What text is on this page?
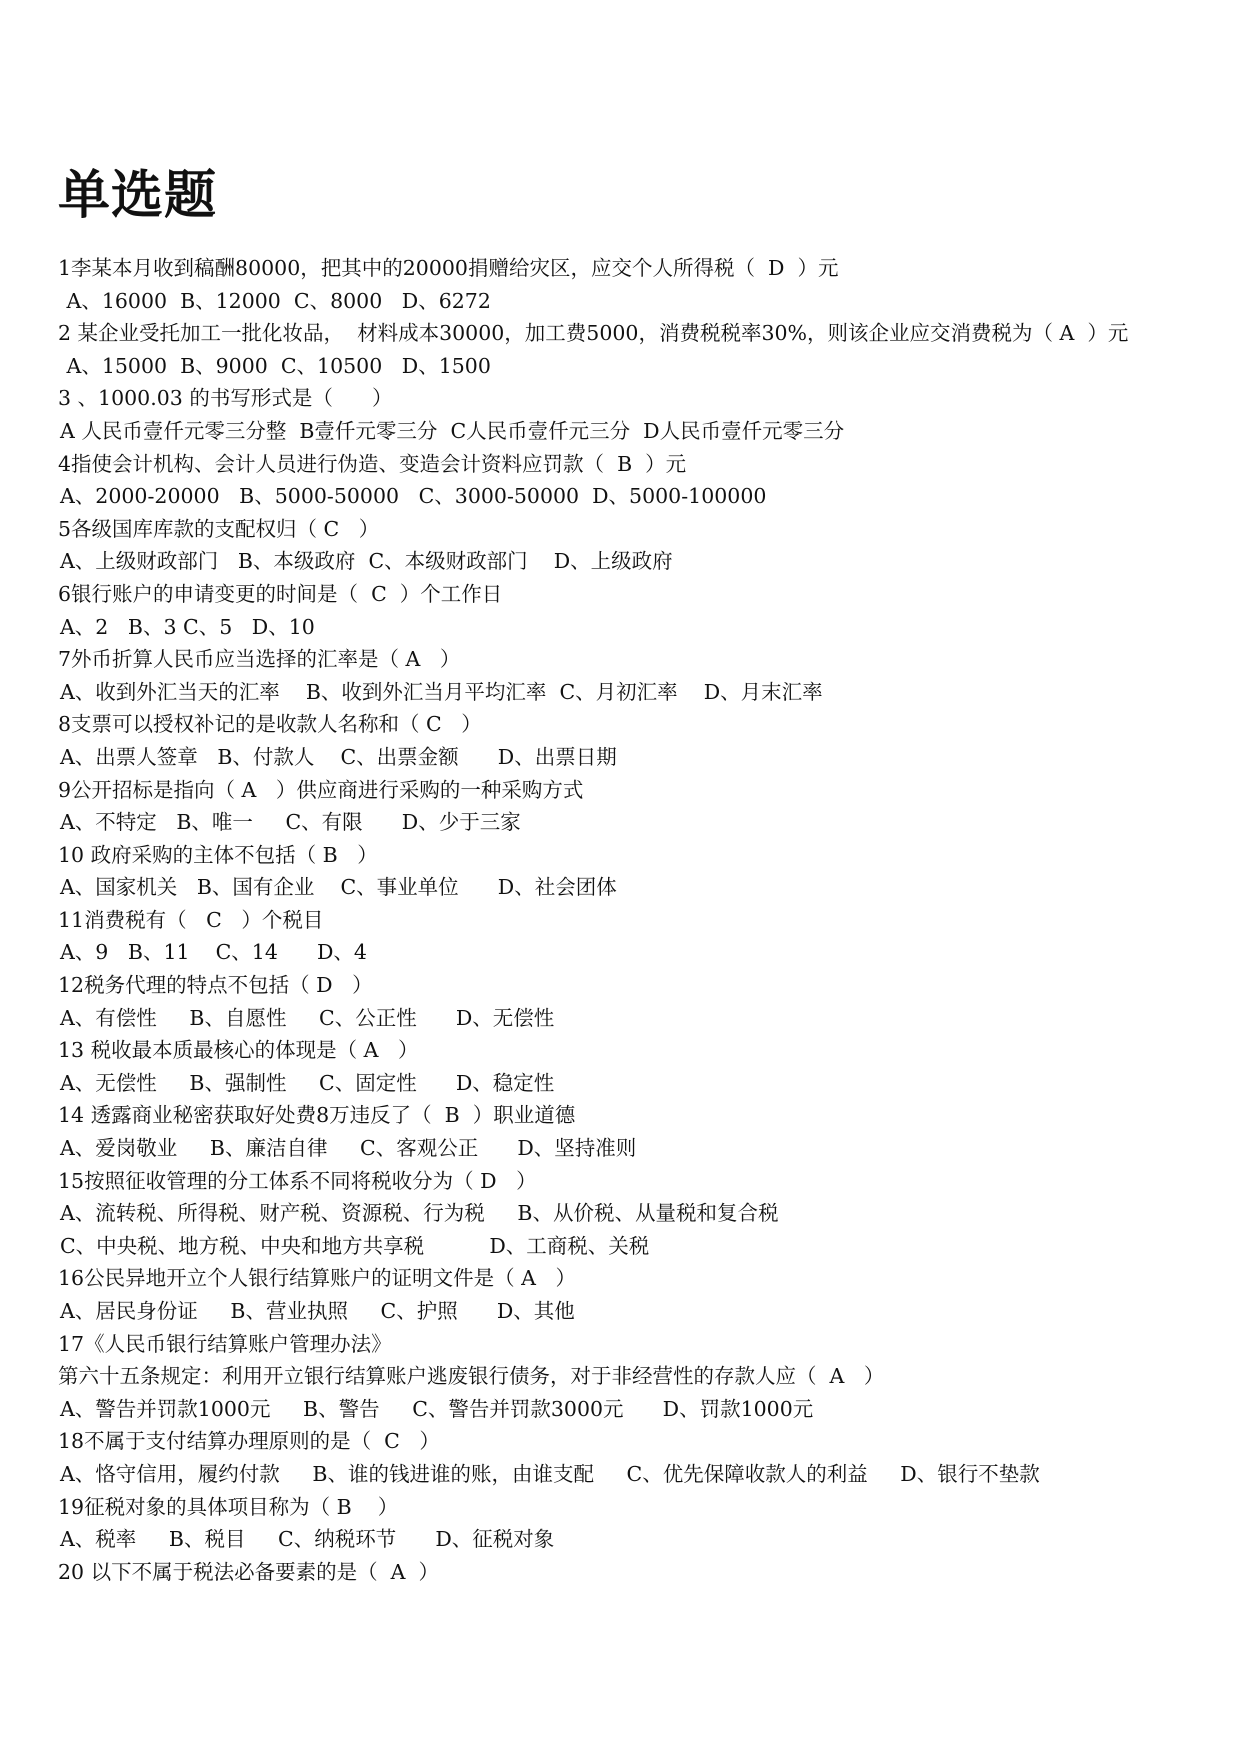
单选题
1李某本月收到稿酬80000，把其中的20000捐赠给灾区，应交个人所得税（  D  ）元
A、16000  B、12000  C、8000   D、6272
2 某企业受托加工一批化妆品，  材料成本30000，加工费5000，消费税税率30%，则该企业应交消费税为（ A  ）元
A、15000  B、9000  C、10500   D、1500
3 、1000.03 的书写形式是（      ）
A 人民币壹仟元零三分整  B壹仟元零三分  C人民币壹仟元三分  D人民币壹仟元零三分
4指使会计机构、会计人员进行伪造、变造会计资料应罚款（  B  ）元
A、2000-20000   B、5000-50000   C、3000-50000  D、5000-100000
5各级国库库款的支配权归（ C   ）
A、上级财政部门   B、本级政府  C、本级财政部门    D、上级政府
6银行账户的申请变更的时间是（  C  ）个工作日
A、2   B、3 C、5   D、10
7外币折算人民币应当选择的汇率是（ A   ）
A、收到外汇当天的汇率    B、收到外汇当月平均汇率  C、月初汇率    D、月末汇率
8支票可以授权补记的是收款人名称和（ C   ）
A、出票人签章   B、付款人    C、出票金额      D、出票日期
9公开招标是指向（ A   ）供应商进行采购的一种采购方式
A、不特定   B、唯一     C、有限      D、少于三家
10 政府采购的主体不包括（ B   ）
A、国家机关   B、国有企业    C、事业单位      D、社会团体
11消费税有（   C   ）个税目
A、9   B、11    C、14      D、4
12税务代理的特点不包括（ D   ）
A、有偿性     B、自愿性     C、公正性      D、无偿性
13 税收最本质最核心的体现是（ A   ）
A、无偿性     B、强制性     C、固定性      D、稳定性
14 透露商业秘密获取好处费8万违反了（  B  ）职业道德
A、爱岗敬业     B、廉洁自律     C、客观公正      D、坚持准则
15按照征收管理的分工体系不同将税收分为（ D   ）
A、流转税、所得税、财产税、资源税、行为税     B、从价税、从量税和复合税
C、中央税、地方税、中央和地方共享税          D、工商税、关税
16公民异地开立个人银行结算账户的证明文件是（ A   ）
A、居民身份证     B、营业执照     C、护照      D、其他
17《人民币银行结算账户管理办法》
第六十五条规定：利用开立银行结算账户逃废银行债务，对于非经营性的存款人应（  A   ）
A、警告并罚款1000元     B、警告     C、警告并罚款3000元      D、罚款1000元
18不属于支付结算办理原则的是（  C   ）
A、恪守信用，履约付款     B、谁的钱进谁的账，由谁支配     C、优先保障收款人的利益     D、银行不垫款
19征税对象的具体项目称为（ B    ）
A、税率     B、税目     C、纳税环节      D、征税对象
20 以下不属于税法必备要素的是（  A  ）
